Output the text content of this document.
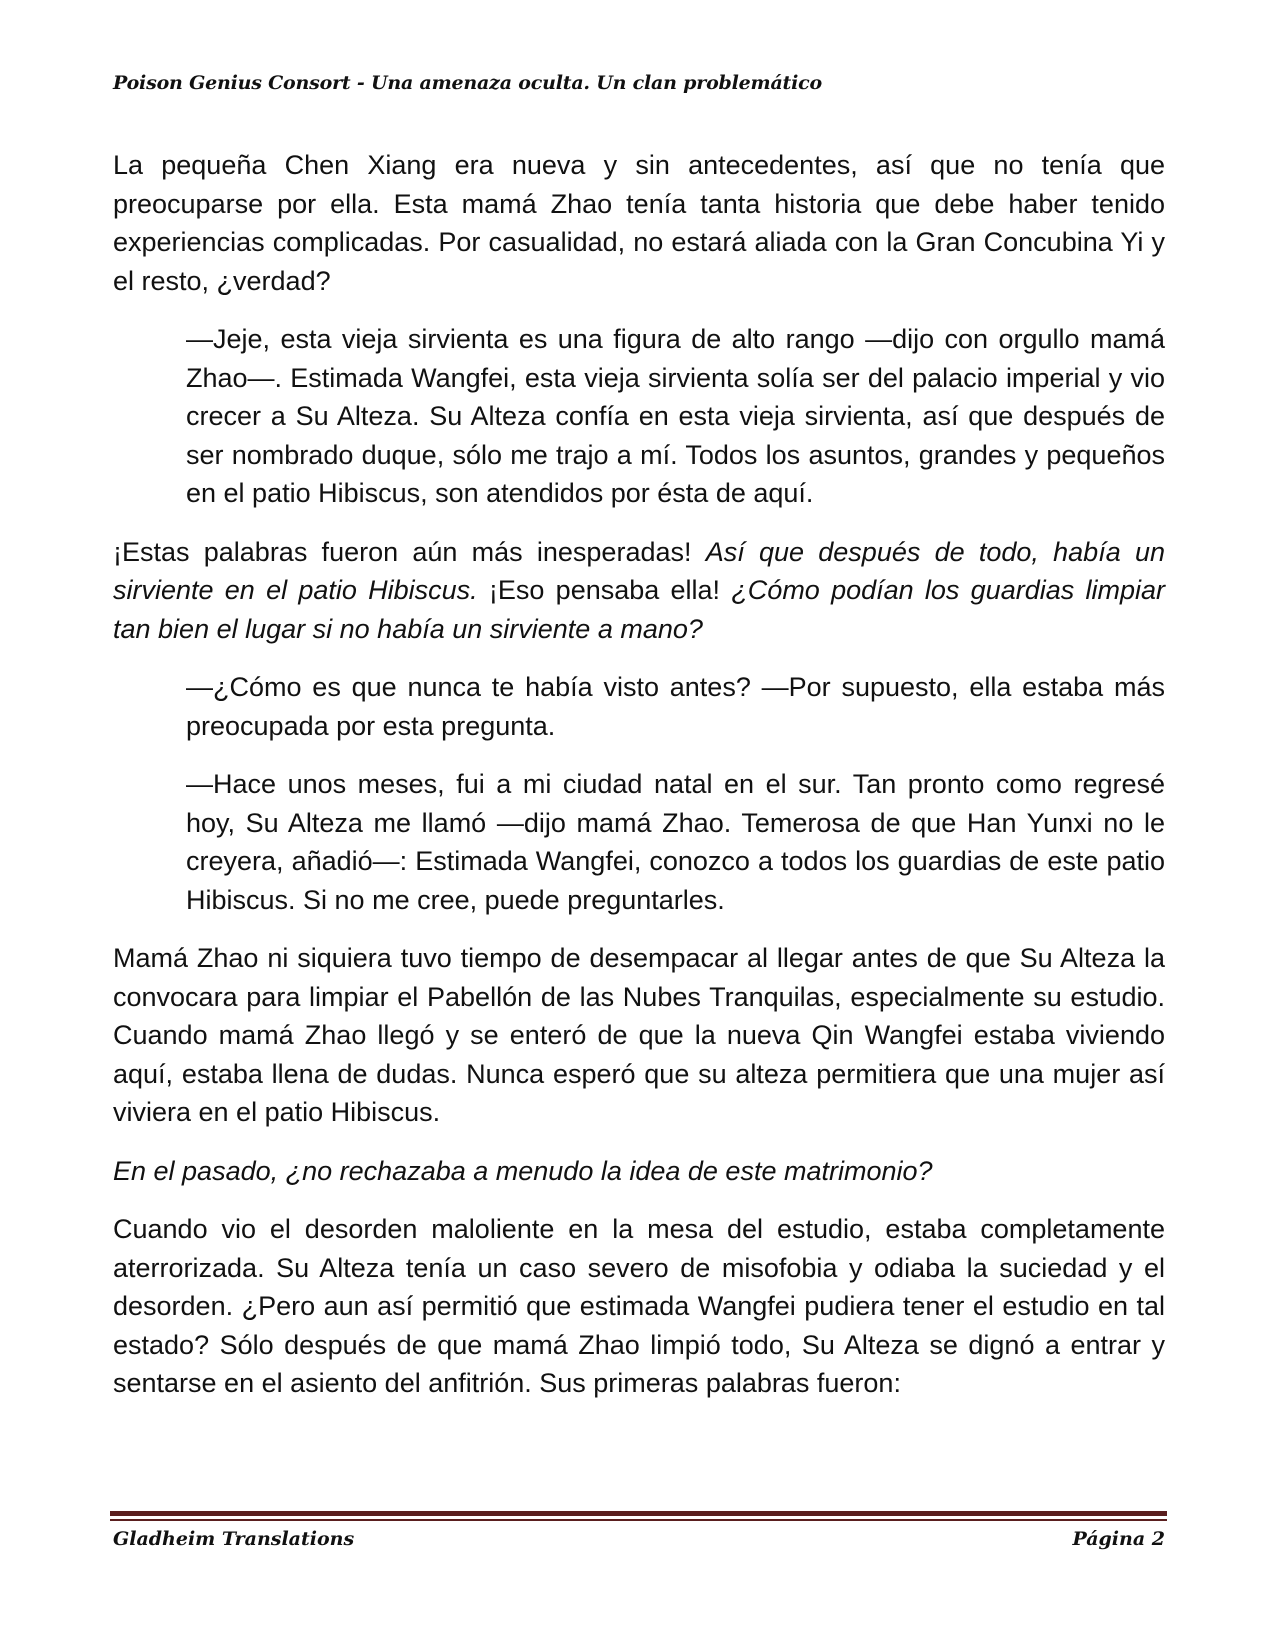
Poison Genius Consort - Una amenaza oculta. Un clan problemático

La pequeña Chen Xiang era nueva y sin antecedentes, así que no tenía que preocuparse por ella. Esta mamá Zhao tenía tanta historia que debe haber tenido experiencias complicadas. Por casualidad, no estará aliada con la Gran Concubina Yi y el resto, ¿verdad?

—Jeje, esta vieja sirvienta es una figura de alto rango —dijo con orgullo mamá Zhao—. Estimada Wangfei, esta vieja sirvienta solía ser del palacio imperial y vio crecer a Su Alteza. Su Alteza confía en esta vieja sirvienta, así que después de ser nombrado duque, sólo me trajo a mí. Todos los asuntos, grandes y pequeños en el patio Hibiscus, son atendidos por ésta de aquí.

¡Estas palabras fueron aún más inesperadas! Así que después de todo, había un sirviente en el patio Hibiscus. ¡Eso pensaba ella! ¿Cómo podían los guardias limpiar tan bien el lugar si no había un sirviente a mano?

—¿Cómo es que nunca te había visto antes? —Por supuesto, ella estaba más preocupada por esta pregunta.

—Hace unos meses, fui a mi ciudad natal en el sur. Tan pronto como regresé hoy, Su Alteza me llamó —dijo mamá Zhao. Temerosa de que Han Yunxi no le creyera, añadió—: Estimada Wangfei, conozco a todos los guardias de este patio Hibiscus. Si no me cree, puede preguntarles.

Mamá Zhao ni siquiera tuvo tiempo de desempacar al llegar antes de que Su Alteza la convocara para limpiar el Pabellón de las Nubes Tranquilas, especialmente su estudio. Cuando mamá Zhao llegó y se enteró de que la nueva Qin Wangfei estaba viviendo aquí, estaba llena de dudas. Nunca esperó que su alteza permitiera que una mujer así viviera en el patio Hibiscus.

En el pasado, ¿no rechazaba a menudo la idea de este matrimonio?

Cuando vio el desorden maloliente en la mesa del estudio, estaba completamente aterrorizada. Su Alteza tenía un caso severo de misofobia y odiaba la suciedad y el desorden. ¿Pero aun así permitió que estimada Wangfei pudiera tener el estudio en tal estado? Sólo después de que mamá Zhao limpió todo, Su Alteza se dignó a entrar y sentarse en el asiento del anfitrión. Sus primeras palabras fueron:

Gladheim Translations	Página 2
